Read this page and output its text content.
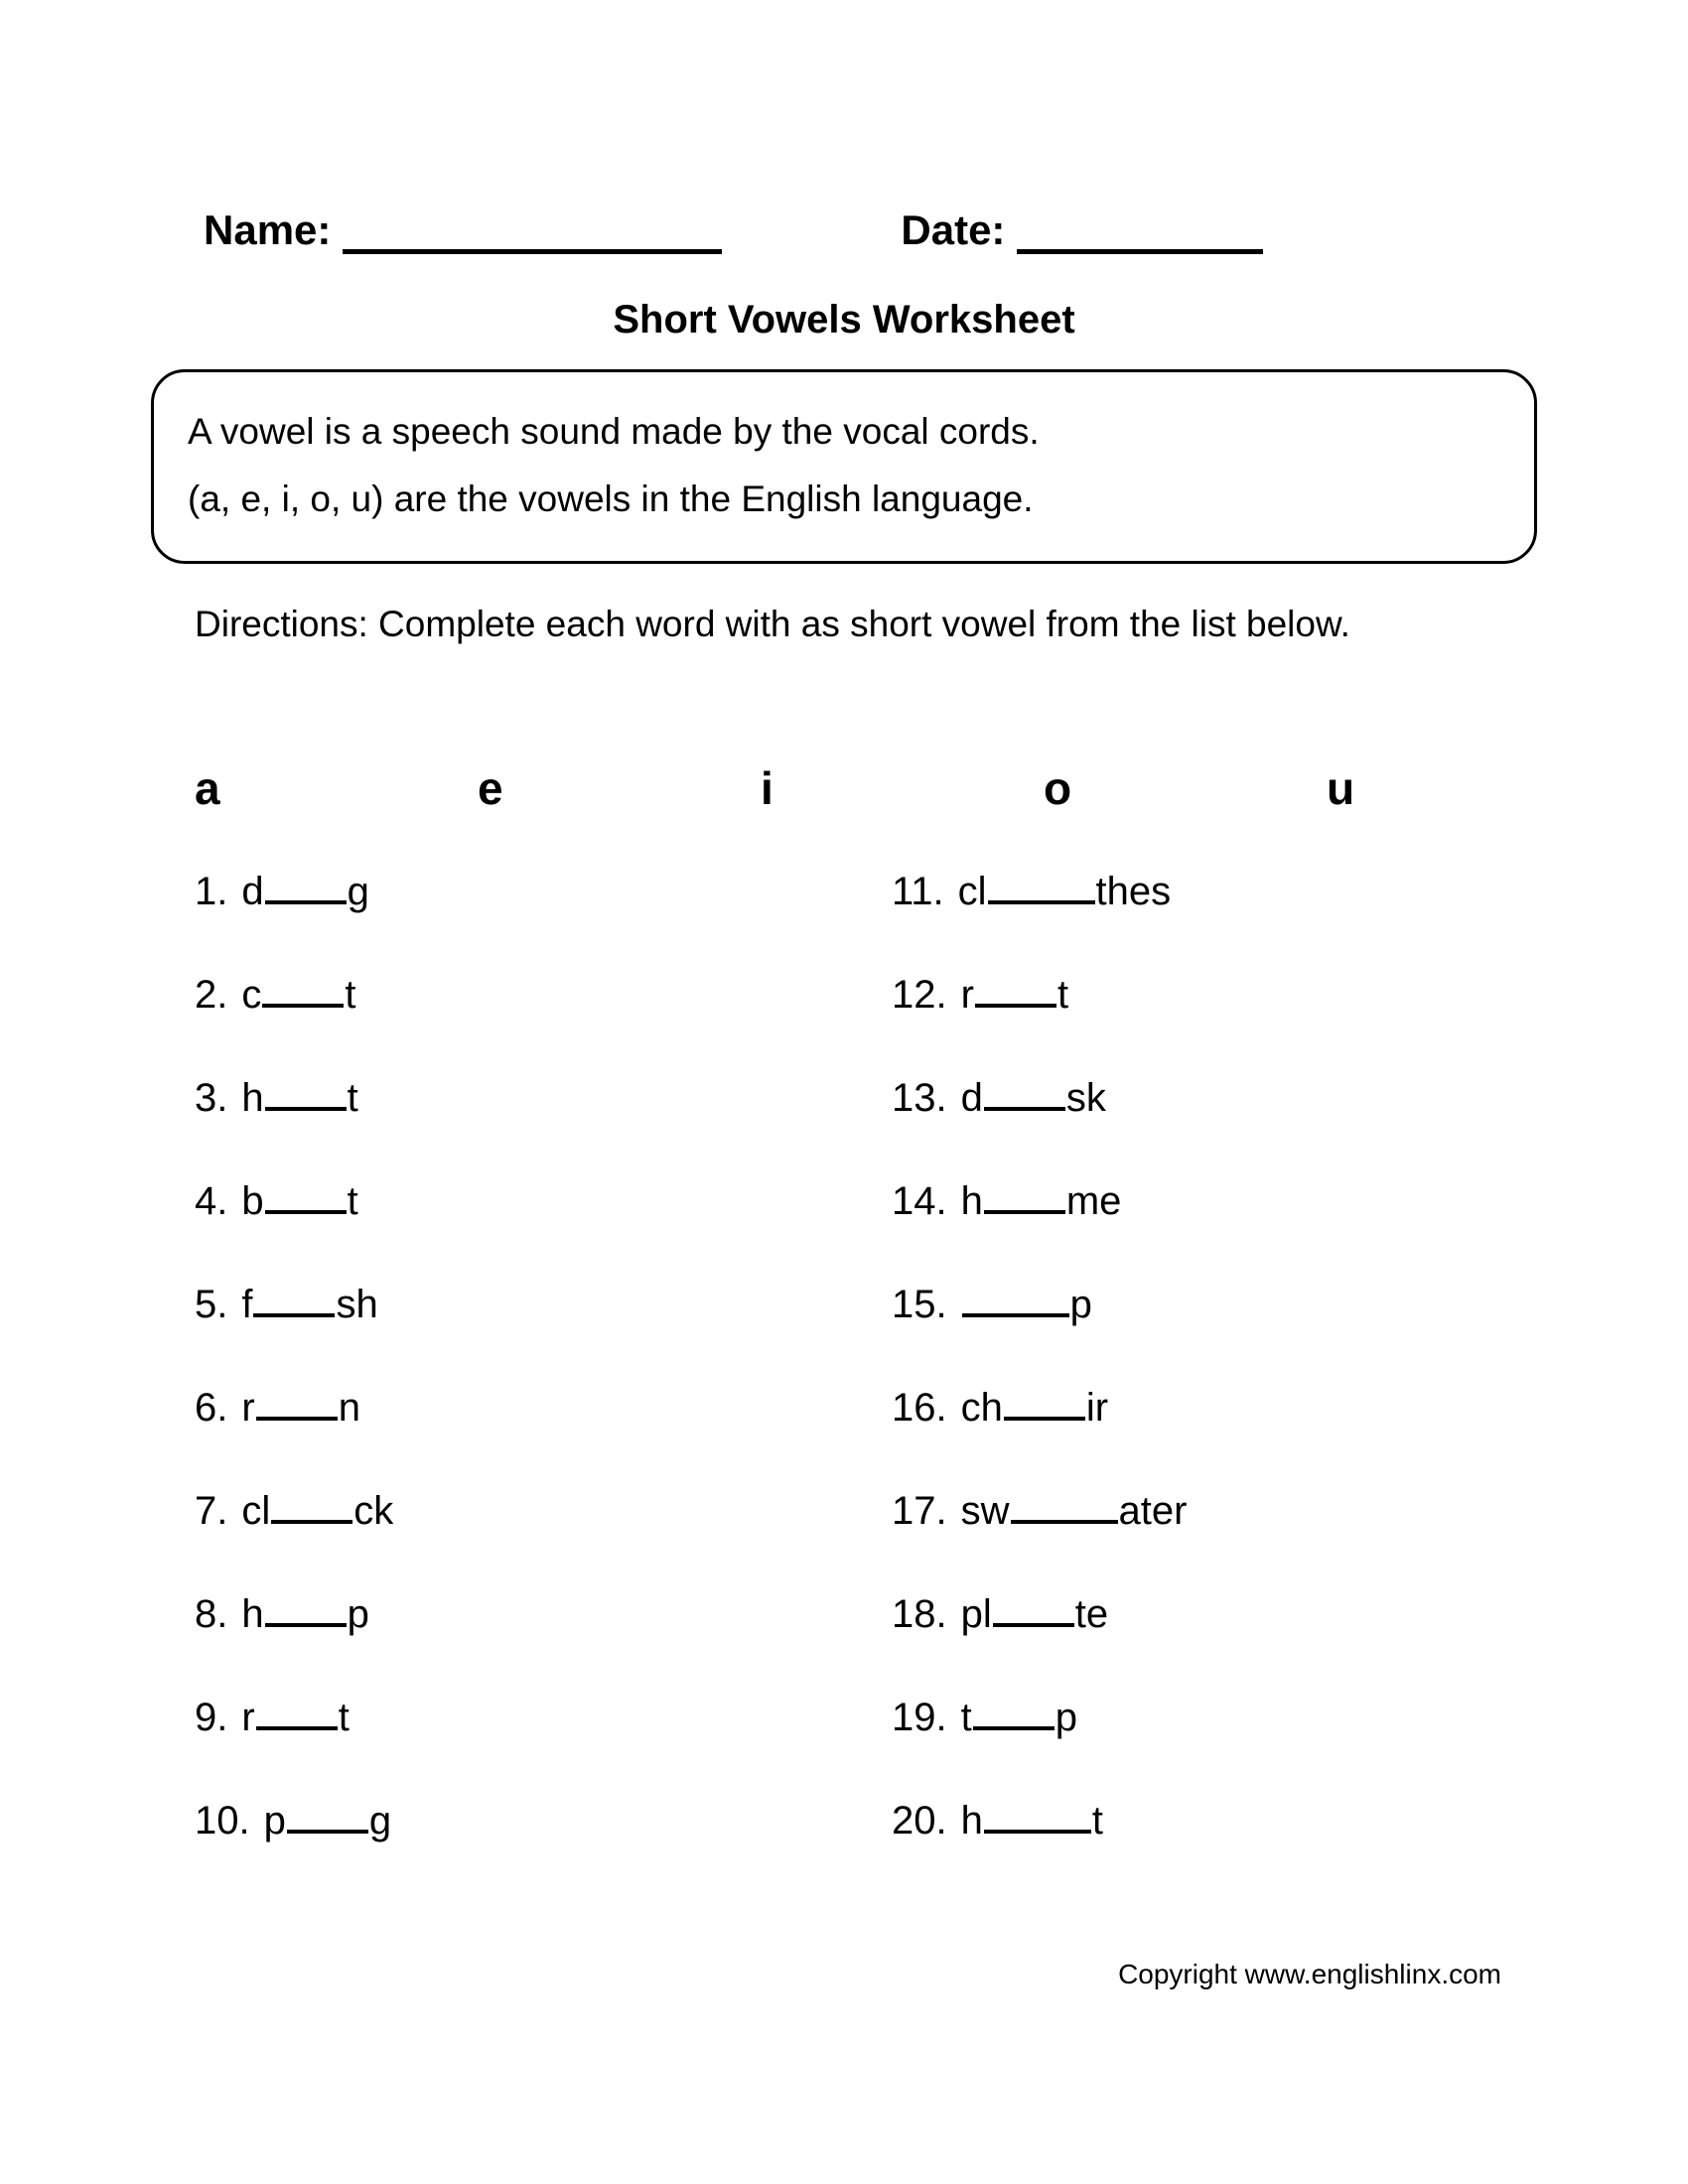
Name:	Date:
Short Vowels Worksheet
A vowel is a speech sound made by the vocal cords.
(a, e, i, o, u) are the vowels in the English language.
Directions: Complete each word with as short vowel from the list below.
a	e	i	o	u
1. d g
2. c t
3. h t
4. b t
5. f sh
6. r n
7. cl ck
8. h p
9. r t
10. p g
11. cl	thes
12. r t
13. d sk
14. h me
15.	p
16. ch ir
17. sw	ater
18. pl te
19. t p
20. h	t
Copyright www.englishlinx.com
